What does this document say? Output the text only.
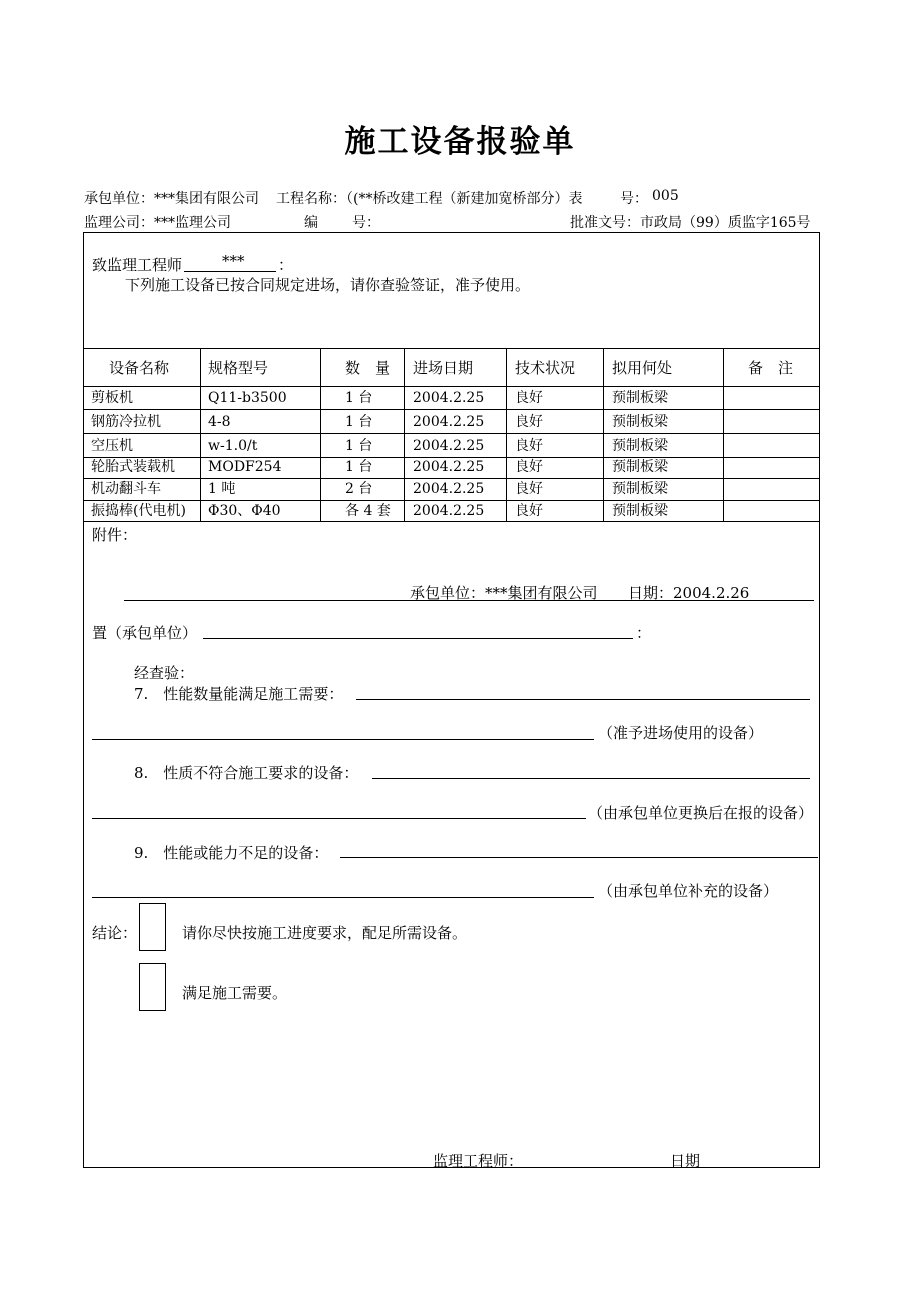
施工设备报验单
承包单位：***集团有限公司 工程名称：（(**桥改建工程（新建加宽桥部分）表	号： 005
监理公司：***监理公司	编 号：	批准文号：市政局（99）质监字165号
致监理工程师	*** ：
下列施工设备已按合同规定进场，请你查验签证，准予使用。
设备名称	规格型号	数　量 进场日期	技术状况 拟用何处	备　注
剪板机	Q11-b3500	1 台	2004.2.25 良好	预制板梁
钢筋冷拉机	4-8	1 台	2004.2.25 良好	预制板梁
空压机	w-1.0/t	1 台	2004.2.25 良好	预制板梁
轮胎式装载机 MODF254	1 台	2004.2.25 良好	预制板梁
机动翻斗车	1 吨	2 台	2004.2.25 良好	预制板梁
振捣棒(代电机) Φ30、Φ40	各 4 套 2004.2.25 良好	预制板梁
附件：
承包单位：***集团有限公司 日期：2004.2.26
置（承包单位）	：
经查验：
7.　性能数量能满足施工需要：
（准予进场使用的设备）
8.　性质不符合施工要求的设备：
（由承包单位更换后在报的设备）
9.　性能或能力不足的设备：
（由承包单位补充的设备）
结论：	请你尽快按施工进度要求，配足所需设备。
满足施工需要。
监理工程师：	日期
